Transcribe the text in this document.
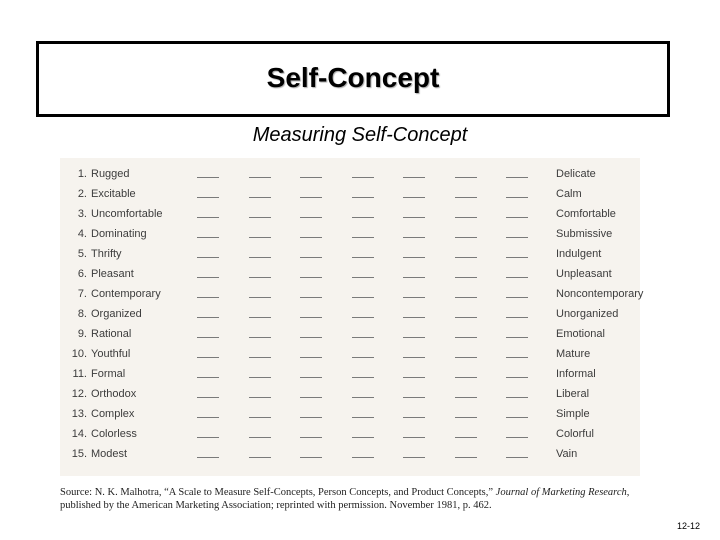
Self-Concept
Measuring Self-Concept
1. Rugged	Delicate
2. Excitable	Calm
3. Uncomfortable	Comfortable
4. Dominating	Submissive
5. Thrifty	Indulgent
6. Pleasant	Unpleasant
7. Contemporary	Noncontemporary
8. Organized	Unorganized
9. Rational	Emotional
10. Youthful	Mature
11. Formal	Informal
12. Orthodox	Liberal
13. Complex	Simple
14. Colorless	Colorful
15. Modest	Vain
Source: N. K. Malhotra, “A Scale to Measure Self-Concepts, Person Concepts, and Product Concepts,” Journal of Marketing Research, published by the American Marketing Association; reprinted with permission. November 1981, p. 462.
12-12
